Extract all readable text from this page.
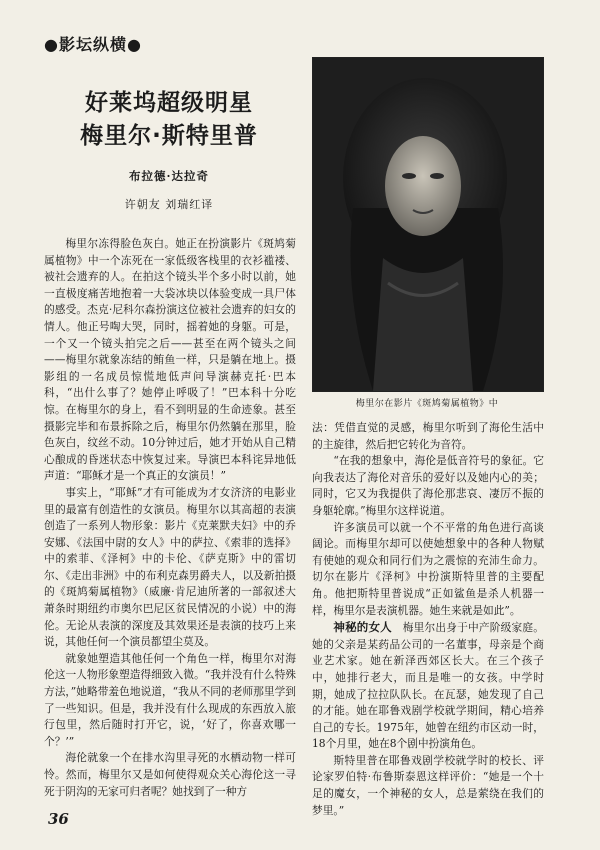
●影坛纵横●
好莱坞超级明星
梅里尔·斯特里普
布拉德·达拉奇
许朝友 刘瑞红译
梅里尔在影片《斑鸠菊属植物》中

梅里尔冻得脸色灰白。她正在扮演影片《斑鸠菊属植物》中一个冻死在一家低级客栈里的衣衫褴褛、被社会遗弃的人。在拍这个镜头半个多小时以前，她一直极度痛苦地抱着一大袋冰块以体验变成一具尸体的感受。杰克·尼科尔森扮演这位被社会遗弃的妇女的情人。他正号啕大哭，同时，摇着她的身躯。可是，一个又一个镜头拍完之后——甚至在两个镜头之间——梅里尔就象冻结的鲔鱼一样，只是躺在地上。摄影组的一名成员惊慌地低声问导演赫克托·巴本科，“出什么事了？她停止呼吸了！”巴本科十分吃惊。在梅里尔的身上，看不到明显的生命迹象。甚至摄影完毕和布景拆除之后，梅里尔仍然躺在那里，脸色灰白，纹丝不动。10分钟过后，她才开始从自己精心酿成的昏迷状态中恢复过来。导演巴本科诧异地低声道：“耶稣才是一个真正的女演员！”

事实上，“耶稣”才有可能成为才女济济的电影业里的最富有创造性的女演员。梅里尔以其高超的表演创造了一系列人物形象：影片《克莱默夫妇》中的乔安娜、《法国中尉的女人》中的萨拉、《索菲的选择》中的索菲、《泽柯》中的卡伦、《萨克斯》中的雷切尔、《走出非洲》中的布利克森男爵夫人，以及新拍摄的《斑鸠菊属植物》（威廉·肯尼迪所著的一部叙述大萧条时期纽约市奥尔巴尼区贫民情况的小说）中的海伦。无论从表演的深度及其效果还是表演的技巧上来说，其他任何一个演员都望尘莫及。

就象她塑造其他任何一个角色一样，梅里尔对海伦这一人物形象塑造得细致入微。“我并没有什么特殊方法，”她略带羞色地说道，“我从不同的老师那里学到了一些知识。但是，我并没有什么现成的东西放入旅行包里，然后随时打开它，说，‘好了，你喜欢哪一个？’”

海伦就象一个在排水沟里寻死的水栖动物一样可怜。然而，梅里尔又是如何使得观众关心海伦这一寻死于阴沟的无家可归者呢？她找到了一种方

法：凭借直觉的灵感，梅里尔听到了海伦生活中的主旋律，然后把它转化为音符。

“在我的想象中，海伦是低音符号的象征。它向我表达了海伦对音乐的爱好以及她内心的美；同时，它又为我提供了海伦那悲哀、凄厉不振的身躯轮廓。”梅里尔这样说道。

许多演员可以就一个不平常的角色进行高谈阔论。而梅里尔却可以使她想象中的各种人物赋有使她的观众和同行们为之震惊的充沛生命力。切尔在影片《泽柯》中扮演斯特里普的主要配角。他把斯特里普说成“正如鲨鱼是杀人机器一样，梅里尔是表演机器。她生来就是如此”。

神秘的女人　 梅里尔出身于中产阶级家庭。她的父亲是某药品公司的一名董事，母亲是个商业艺术家。她在新泽西郊区长大。在三个孩子中，她排行老大，而且是唯一的女孩。中学时期，她成了拉拉队队长。在瓦瑟，她发现了自己的才能。她在耶鲁戏剧学校就学期间，精心培养自己的专长。1975年，她曾在纽约市区动一时，18个月里，她在8个剧中扮演角色。

斯特里普在耶鲁戏剧学校就学时的校长、评论家罗伯特·布鲁斯泰恩这样评价：“她是一个十足的魔女，一个神秘的女人，总是萦绕在我们的梦里。”

36
